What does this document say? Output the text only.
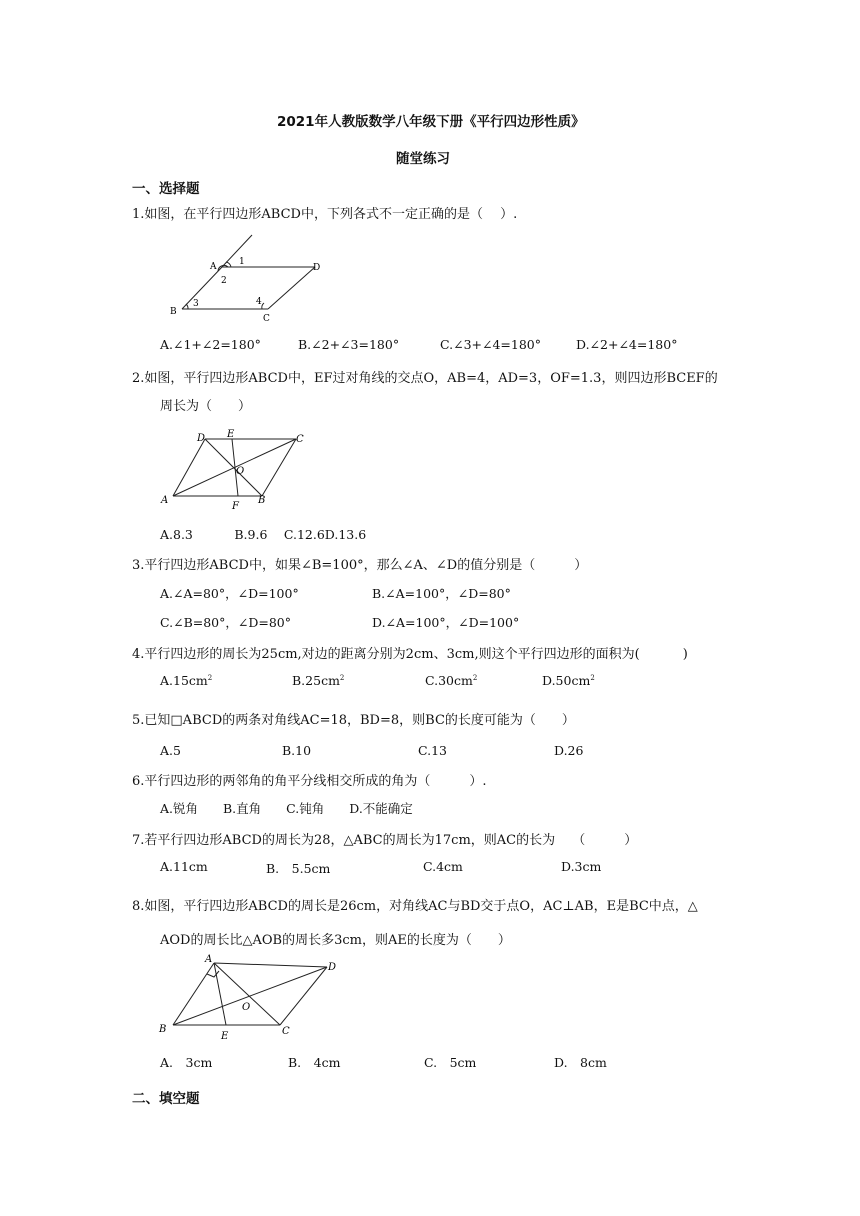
2021年人教版数学八年级下册《平行四边形性质》
随堂练习
一、选择题
1.如图，在平行四边形ABCD中，下列各式不一定正确的是（　 ）.
A	1
2
D
B
3	4
C
A.∠1+∠2=180°	B.∠2+∠3=180°	C.∠3+∠4=180°	D.∠2+∠4=180°
2.如图，平行四边形ABCD中，EF过对角线的交点O，AB=4，AD=3，OF=1.3，则四边形BCEF的
周长为（　　）
D E	C
O
A
F
B
A.8.3　　　 B.9.6　 C.12.6D.13.6
3.平行四边形ABCD中，如果∠B=100°，那么∠A、∠D的值分别是（　　　）
A.∠A=80°，∠D=100°	B.∠A=100°，∠D=80°
C.∠B=80°，∠D=80°	D.∠A=100°，∠D=100°
4.平行四边形的周长为25cm,对边的距离分别为2cm、3cm,则这个平行四边形的面积为(　　　 )
$A.15cm^2$	$B.25cm^2$	$C.30cm^2$	$D.50cm^2$
5.已知□ABCD的两条对角线AC=18，BD=8，则BC的长度可能为（　　）
A.5	B.10	C.13	D.26
6.平行四边形的两邻角的角平分线相交所成的角为（　　　）.
A.锐角　　B.直角　　C.钝角　　D.不能确定
7.若平行四边形ABCD的周长为28，△ABC的周长为17cm，则AC的长为　 （　　　）
A.11cm	B.　5.5cm	C.4cm	D.3cm
8.如图，平行四边形ABCD的周长是26cm，对角线AC与BD交于点O，AC⊥AB，E是BC中点，△
AOD的周长比△AOB的周长多3cm，则AE的长度为（　　）
A
D
O
B
E	C
A.　3cm	B.　4cm	C.　5cm	D.　8cm
二、填空题
